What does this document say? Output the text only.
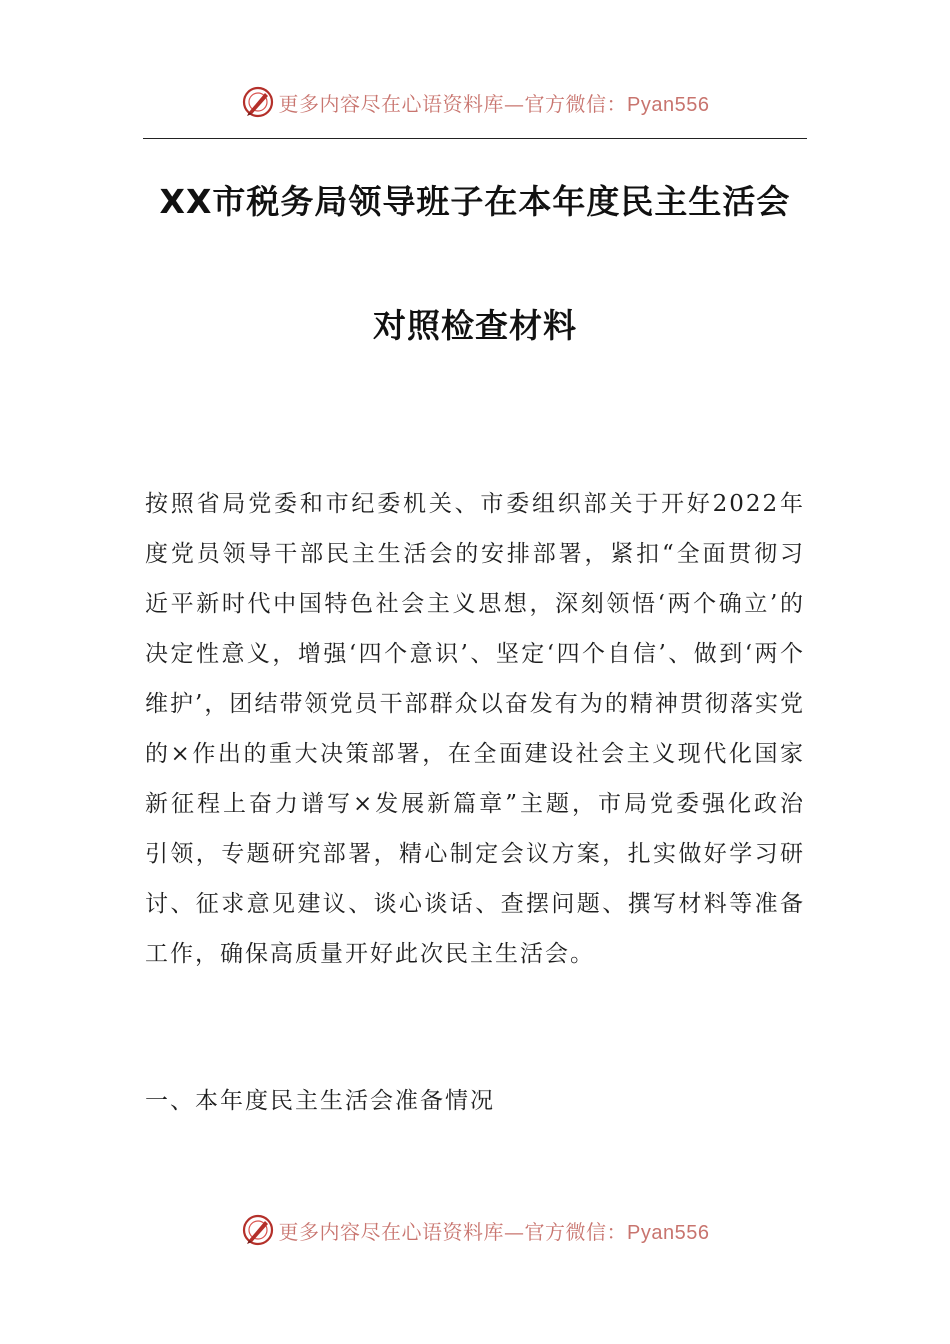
更多内容尽在心语资料库—官方微信：Pyan556
XX市税务局领导班子在本年度民主生活会
对照检查材料

按照省局党委和市纪委机关、市委组织部关于开好2022年度党员领导干部民主生活会的安排部署，紧扣“全面贯彻习近平新时代中国特色社会主义思想，深刻领悟‘两个确立’的决定性意义，增强‘四个意识’、坚定‘四个自信’、做到‘两个维护’，团结带领党员干部群众以奋发有为的精神贯彻落实党的×作出的重大决策部署，在全面建设社会主义现代化国家新征程上奋力谱写×发展新篇章”主题，市局党委强化政治引领，专题研究部署，精心制定会议方案，扎实做好学习研讨、征求意见建议、谈心谈话、查摆问题、撰写材料等准备工作，确保高质量开好此次民主生活会。

一、本年度民主生活会准备情况

更多内容尽在心语资料库—官方微信：Pyan556
